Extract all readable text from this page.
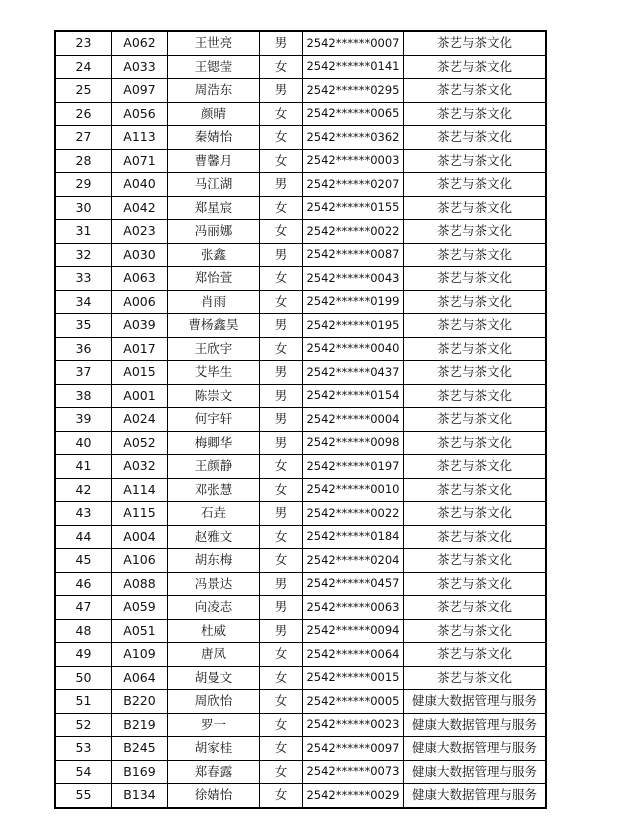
23	A062	王世亮	男	2542******0007	茶艺与茶文化
24	A033	王锶莹	女	2542******0141	茶艺与茶文化
25	A097	周浩东	男	2542******0295	茶艺与茶文化
26	A056	颜晴	女	2542******0065	茶艺与茶文化
27	A113	秦婧怡	女	2542******0362	茶艺与茶文化
28	A071	曹馨月	女	2542******0003	茶艺与茶文化
29	A040	马江湖	男	2542******0207	茶艺与茶文化
30	A042	郑星宸	女	2542******0155	茶艺与茶文化
31	A023	冯丽娜	女	2542******0022	茶艺与茶文化
32	A030	张鑫	男	2542******0087	茶艺与茶文化
33	A063	郑怡萱	女	2542******0043	茶艺与茶文化
34	A006	肖雨	女	2542******0199	茶艺与茶文化
35	A039	曹杨鑫昊	男	2542******0195	茶艺与茶文化
36	A017	王欣宇	女	2542******0040	茶艺与茶文化
37	A015	艾毕生	男	2542******0437	茶艺与茶文化
38	A001	陈崇文	男	2542******0154	茶艺与茶文化
39	A024	何宇轩	男	2542******0004	茶艺与茶文化
40	A052	梅卿华	男	2542******0098	茶艺与茶文化
41	A032	王颜静	女	2542******0197	茶艺与茶文化
42	A114	邓张慧	女	2542******0010	茶艺与茶文化
43	A115	石垚	男	2542******0022	茶艺与茶文化
44	A004	赵雅文	女	2542******0184	茶艺与茶文化
45	A106	胡东梅	女	2542******0204	茶艺与茶文化
46	A088	冯景达	男	2542******0457	茶艺与茶文化
47	A059	向凌志	男	2542******0063	茶艺与茶文化
48	A051	杜威	男	2542******0094	茶艺与茶文化
49	A109	唐凤	女	2542******0064	茶艺与茶文化
50	A064	胡曼文	女	2542******0015	茶艺与茶文化
51	B220	周欣怡	女	2542******0005	健康大数据管理与服务
52	B219	罗一	女	2542******0023	健康大数据管理与服务
53	B245	胡家桂	女	2542******0097	健康大数据管理与服务
54	B169	郑春露	女	2542******0073	健康大数据管理与服务
55	B134	徐婧怡	女	2542******0029	健康大数据管理与服务
